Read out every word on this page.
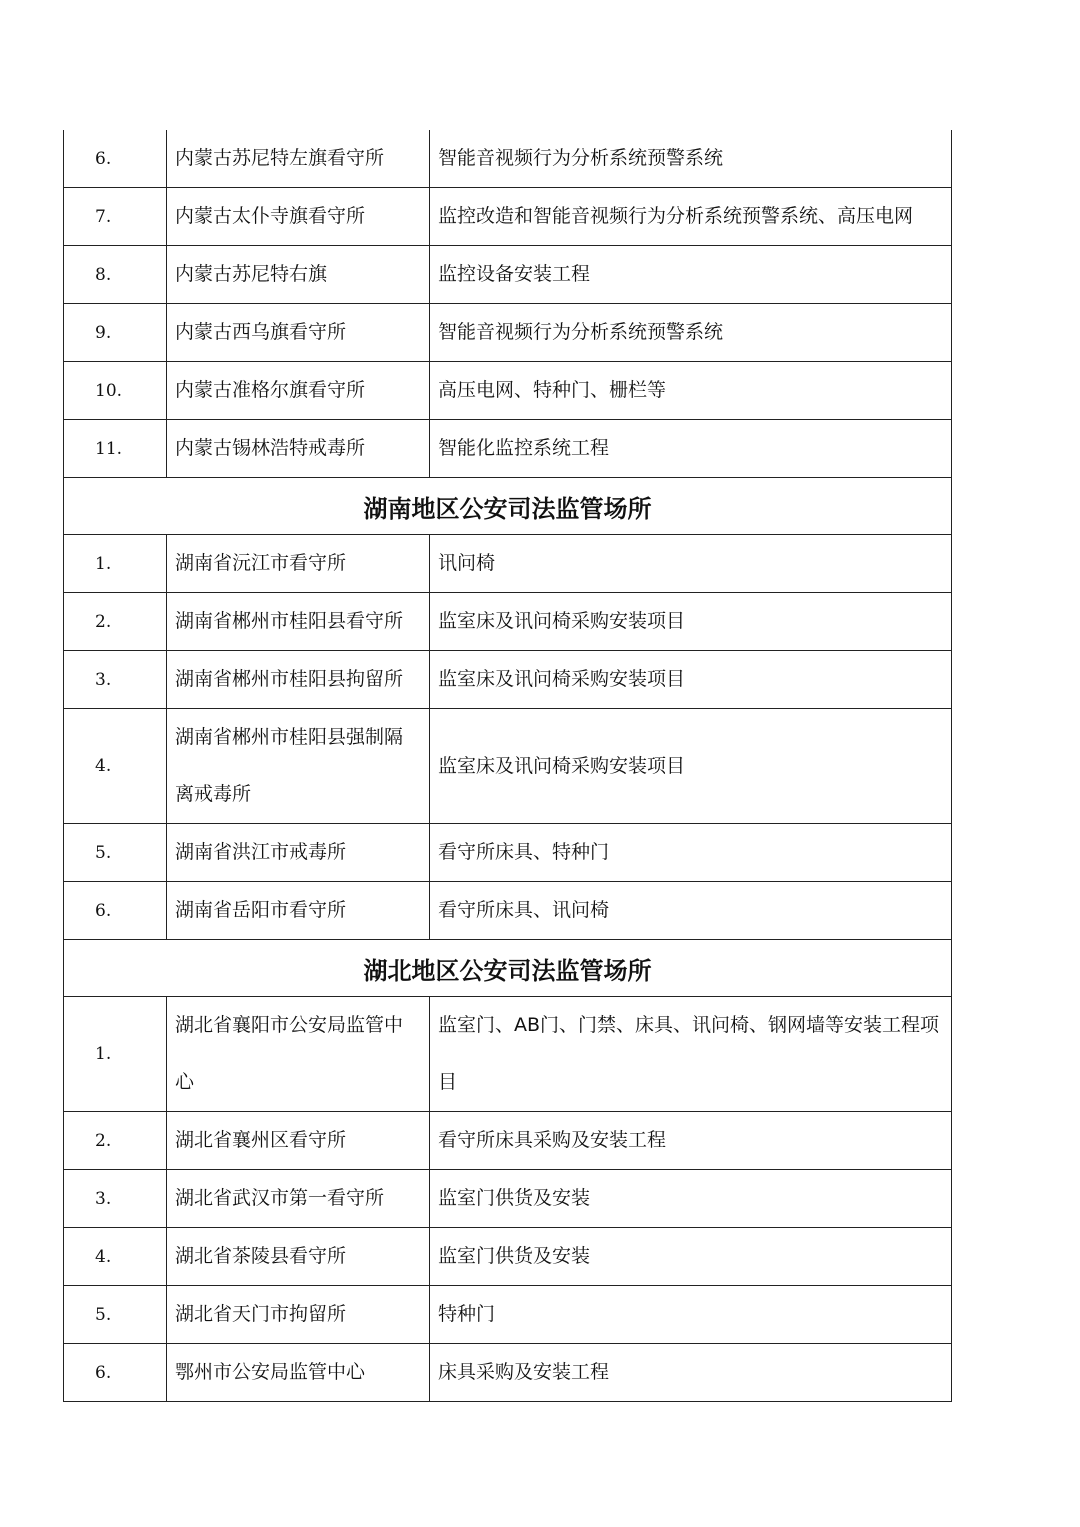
6.	内蒙古苏尼特左旗看守所	智能音视频行为分析系统预警系统
7.	内蒙古太仆寺旗看守所	监控改造和智能音视频行为分析系统预警系统、高压电网
8.	内蒙古苏尼特右旗	监控设备安装工程
9.	内蒙古西乌旗看守所	智能音视频行为分析系统预警系统
10.	内蒙古准格尔旗看守所	高压电网、特种门、栅栏等
11.	内蒙古锡林浩特戒毒所	智能化监控系统工程
湖南地区公安司法监管场所		
1.	湖南省沅江市看守所	讯问椅
2.	湖南省郴州市桂阳县看守所	监室床及讯问椅采购安装项目
3.	湖南省郴州市桂阳县拘留所	监室床及讯问椅采购安装项目
4.	湖南省郴州市桂阳县强制隔离戒毒所	监室床及讯问椅采购安装项目
5.	湖南省洪江市戒毒所	看守所床具、特种门
6.	湖南省岳阳市看守所	看守所床具、讯问椅
湖北地区公安司法监管场所		
1.	湖北省襄阳市公安局监管中心	监室门、AB门、门禁、床具、讯问椅、钢网墙等安装工程项目
2.	湖北省襄州区看守所	看守所床具采购及安装工程
3.	湖北省武汉市第一看守所	监室门供货及安装
4.	湖北省茶陵县看守所	监室门供货及安装
5.	湖北省天门市拘留所	特种门
6.	鄂州市公安局监管中心	床具采购及安装工程
